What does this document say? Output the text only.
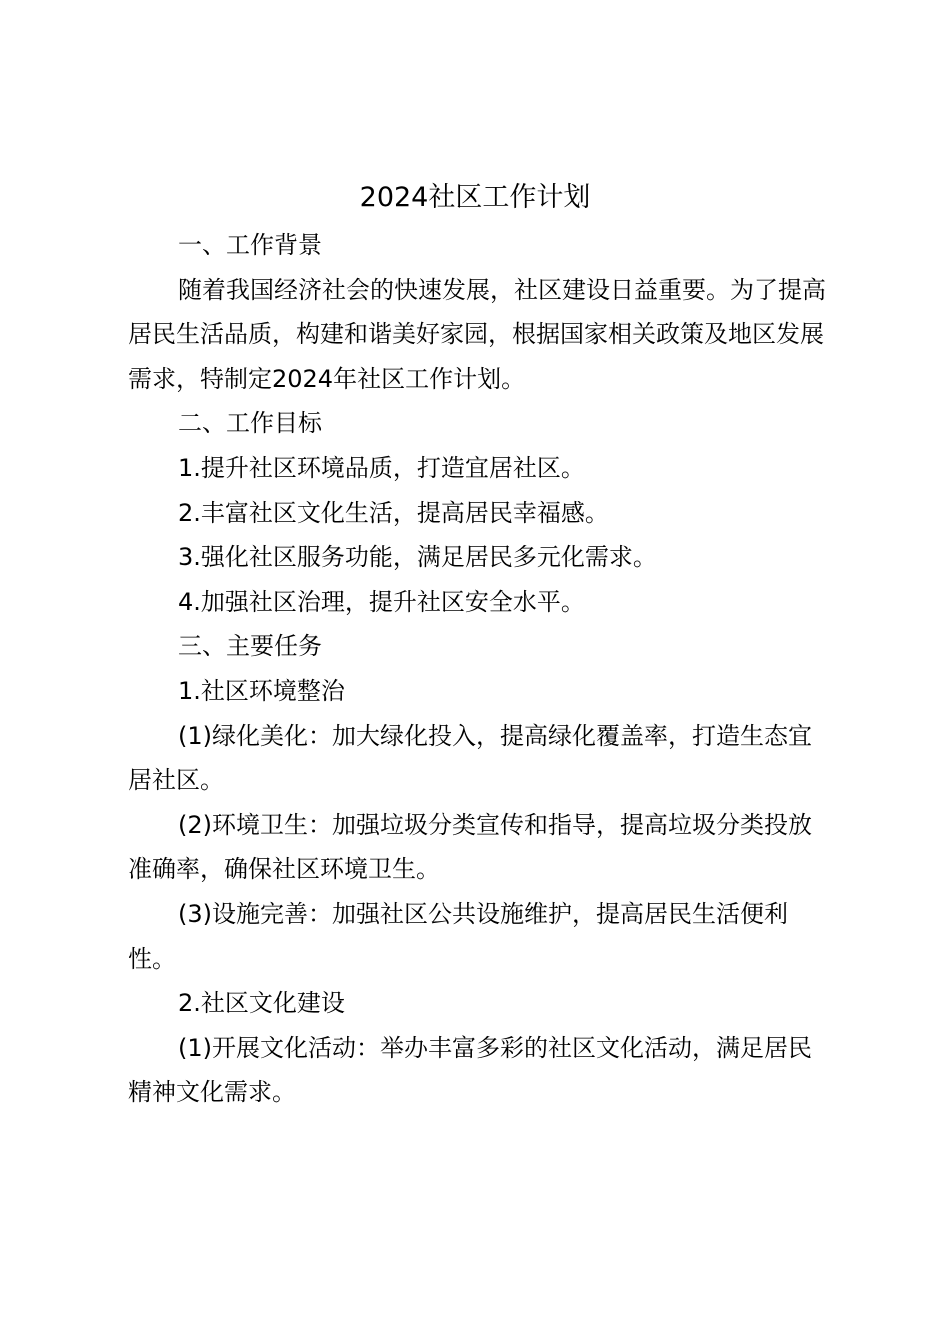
2024社区工作计划

一、工作背景

随着我国经济社会的快速发展，社区建设日益重要。为了提高居民生活品质，构建和谐美好家园，根据国家相关政策及地区发展需求，特制定2024年社区工作计划。

二、工作目标

1.提升社区环境品质，打造宜居社区。

2.丰富社区文化生活，提高居民幸福感。

3.强化社区服务功能，满足居民多元化需求。

4.加强社区治理，提升社区安全水平。

三、主要任务

1.社区环境整治

(1)绿化美化：加大绿化投入，提高绿化覆盖率，打造生态宜居社区。

(2)环境卫生：加强垃圾分类宣传和指导，提高垃圾分类投放准确率，确保社区环境卫生。

(3)设施完善：加强社区公共设施维护，提高居民生活便利性。

2.社区文化建设

(1)开展文化活动：举办丰富多彩的社区文化活动，满足居民精神文化需求。
